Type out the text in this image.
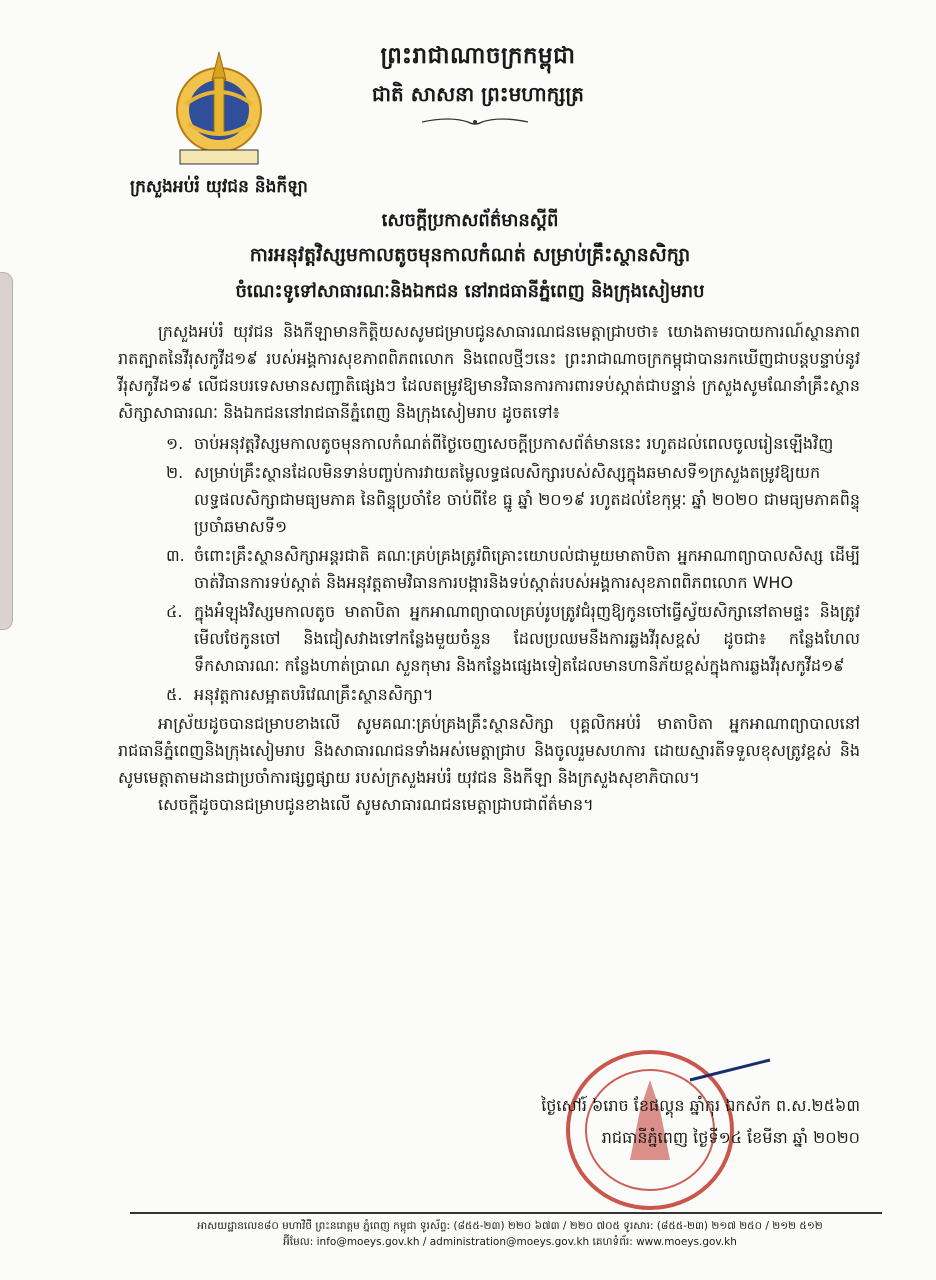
ព្រះរាជាណាចក្រកម្ពុជា
ជាតិ សាសនា ព្រះមហាក្សត្រ
ក្រសួងអប់រំ យុវជន និងកីឡា
សេចក្តីប្រកាសព័ត៌មានស្តីពី
ការអនុវត្តវិស្សមកាលតូចមុនកាលកំណត់ សម្រាប់គ្រឹះស្ថានសិក្សា
ចំណេះទូទៅសាធារណៈនិងឯកជន នៅរាជធានីភ្នំពេញ និងក្រុងសៀមរាប

ក្រសួងអប់រំ យុវជន និងកីឡាមានកិត្តិយសសូមជម្រាបជូនសាធារណជនមេត្តាជ្រាបថា៖ យោងតាមរបាយការណ៍ស្ថានភាពរាតត្បាតនៃវីរុសកូវីដ១៩ របស់អង្គការសុខភាពពិភពលោក និងពេលថ្មីៗនេះ ព្រះរាជាណាចក្រកម្ពុជាបានរកឃើញជាបន្តបន្ទាប់នូវវីរុសកូវីដ១៩ លើជនបរទេសមានសញ្ជាតិផ្សេងៗ ដែលតម្រូវឱ្យមានវិធានការការពារទប់ស្កាត់ជាបន្ទាន់ ក្រសួងសូមណែនាំគ្រឹះស្ថានសិក្សាសាធារណៈ និងឯកជននៅរាជធានីភ្នំពេញ និងក្រុងសៀមរាប ដូចតទៅ៖

១. ចាប់អនុវត្តវិស្សមកាលតូចមុនកាលកំណត់ពីថ្ងៃចេញសេចក្តីប្រកាសព័ត៌មាននេះ រហូតដល់ពេលចូលរៀនឡើងវិញ
២. សម្រាប់គ្រឹះស្ថានដែលមិនទាន់បញ្ចប់ការវាយតម្លៃលទ្ធផលសិក្សារបស់សិស្សក្នុងឆមាសទី១ក្រសួងតម្រូវឱ្យយកលទ្ធផលសិក្សាជាមធ្យមភាគ នៃពិន្ទុប្រចាំខែ ចាប់ពីខែ ធ្នូ ឆ្នាំ ២០១៩ រហូតដល់ខែកុម្ភៈ ឆ្នាំ ២០២០ ជាមធ្យមភាគពិន្ទុប្រចាំឆមាសទី១
៣. ចំពោះគ្រឹះស្ថានសិក្សាអន្តរជាតិ គណៈគ្រប់គ្រងត្រូវពិគ្រោះយោបល់ជាមួយមាតាបិតា អ្នកអាណាព្យាបាលសិស្ស ដើម្បីចាត់វិធានការទប់ស្កាត់ និងអនុវត្តតាមវិធានការបង្ការនិងទប់ស្កាត់របស់អង្គការសុខភាពពិភពលោក WHO
៤. ក្នុងអំឡុងវិស្សមកាលតូច មាតាបិតា អ្នកអាណាព្យាបាលគ្រប់រូបត្រូវជំរុញឱ្យកូនចៅធ្វើស្វ័យសិក្សានៅតាមផ្ទះ និងត្រូវមើលថែកូនចៅ និងជៀសវាងទៅកន្លែងមួយចំនួន ដែលប្រឈមនឹងការឆ្លងវីរុសខ្ពស់ ដូចជា៖ កន្លែងហែលទឹកសាធារណៈ កន្លែងហាត់ប្រាណ សួនកុមារ និងកន្លែងផ្សេងទៀតដែលមានហានិភ័យខ្ពស់ក្នុងការឆ្លងវីរុសកូវីដ១៩
៥. អនុវត្តការសម្អាតបរិវេណគ្រឹះស្ថានសិក្សា។

អាស្រ័យដូចបានជម្រាបខាងលើ សូមគណៈគ្រប់គ្រងគ្រឹះស្ថានសិក្សា បុគ្គលិកអប់រំ មាតាបិតា អ្នកអាណាព្យាបាលនៅរាជធានីភ្នំពេញនិងក្រុងសៀមរាប និងសាធារណជនទាំងអស់មេត្តាជ្រាប និងចូលរួមសហការ ដោយស្មារតីទទួលខុសត្រូវខ្ពស់ និងសូមមេត្តាតាមដានជាប្រចាំការផ្សព្វផ្សាយ របស់ក្រសួងអប់រំ យុវជន និងកីឡា និងក្រសួងសុខាភិបាល។

សេចក្តីដូចបានជម្រាបជូនខាងលើ សូមសាធារណជនមេត្តាជ្រាបជាព័ត៌មាន។

ថ្ងៃសៅរ៍ ៦រោច ខែផល្គុន ឆ្នាំកុរ ឯកស័ក ព.ស.២៥៦៣
រាជធានីភ្នំពេញ ថ្ងៃទី១៤ ខែមីនា ឆ្នាំ ២០២០
អាសយដ្ឋានលេខ៨០ មហាវិថី ព្រះនរោត្តម ភ្នំពេញ កម្ពុជា ទូរស័ព្ទ: (៨៥៥-២៣) ២២០ ៦៧៣ / ២២០ ៧០៥ ទូរសារ: (៨៥៥-២៣) ២១៧ ២៥០ / ២១២ ៥១២
អ៊ីមែល: info@moeys.gov.kh / administration@moeys.gov.kh គេហទំព័រ: www.moeys.gov.kh
